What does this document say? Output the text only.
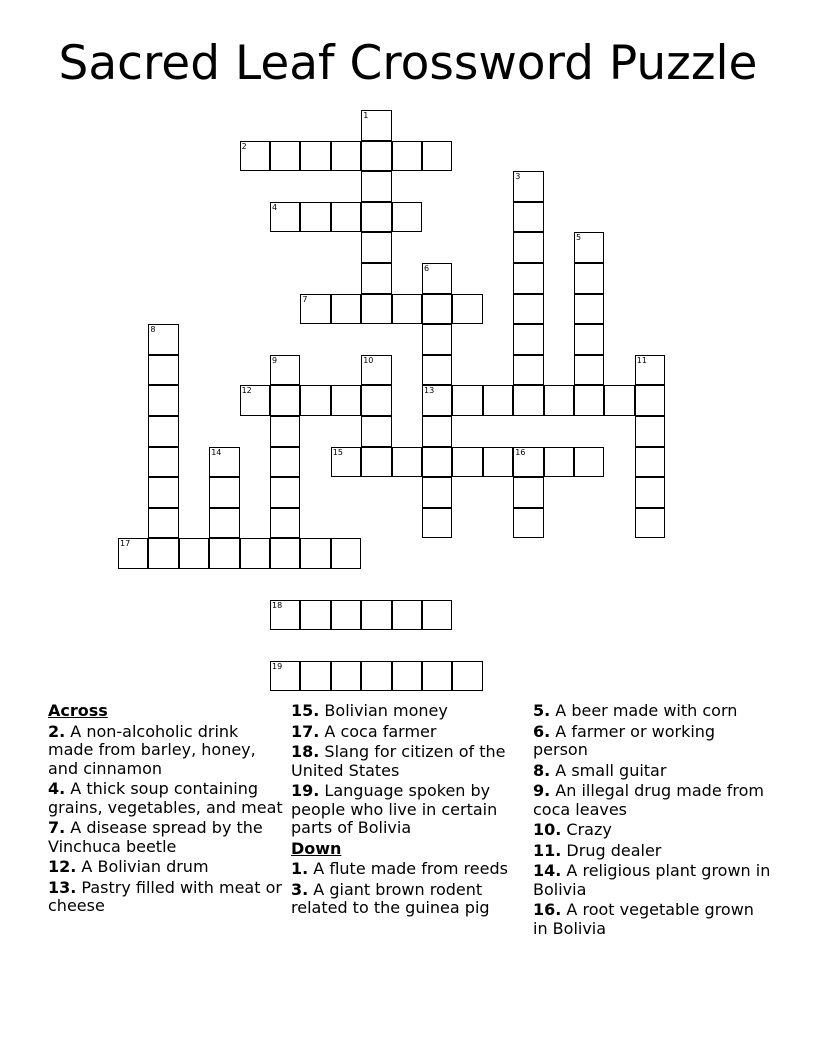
Sacred Leaf Crossword Puzzle
1
2
3
4
5
6
13
7
8
9	10	11
12
14	15	16
17
18
19
Across
2. A non-alcoholic drink made from barley, honey, and cinnamon
4. A thick soup containing grains, vegetables, and meat
7. A disease spread by the Vinchuca beetle
12. A Bolivian drum
13. Pastry filled with meat or cheese
15. Bolivian money
17. A coca farmer
18. Slang for citizen of the United States
19. Language spoken by people who live in certain parts of Bolivia
Down
1. A flute made from reeds
3. A giant brown rodent related to the guinea pig
5. A beer made with corn
6. A farmer or working person
8. A small guitar
9. An illegal drug made from coca leaves
10. Crazy
11. Drug dealer
14. A religious plant grown in Bolivia
16. A root vegetable grown in Bolivia
